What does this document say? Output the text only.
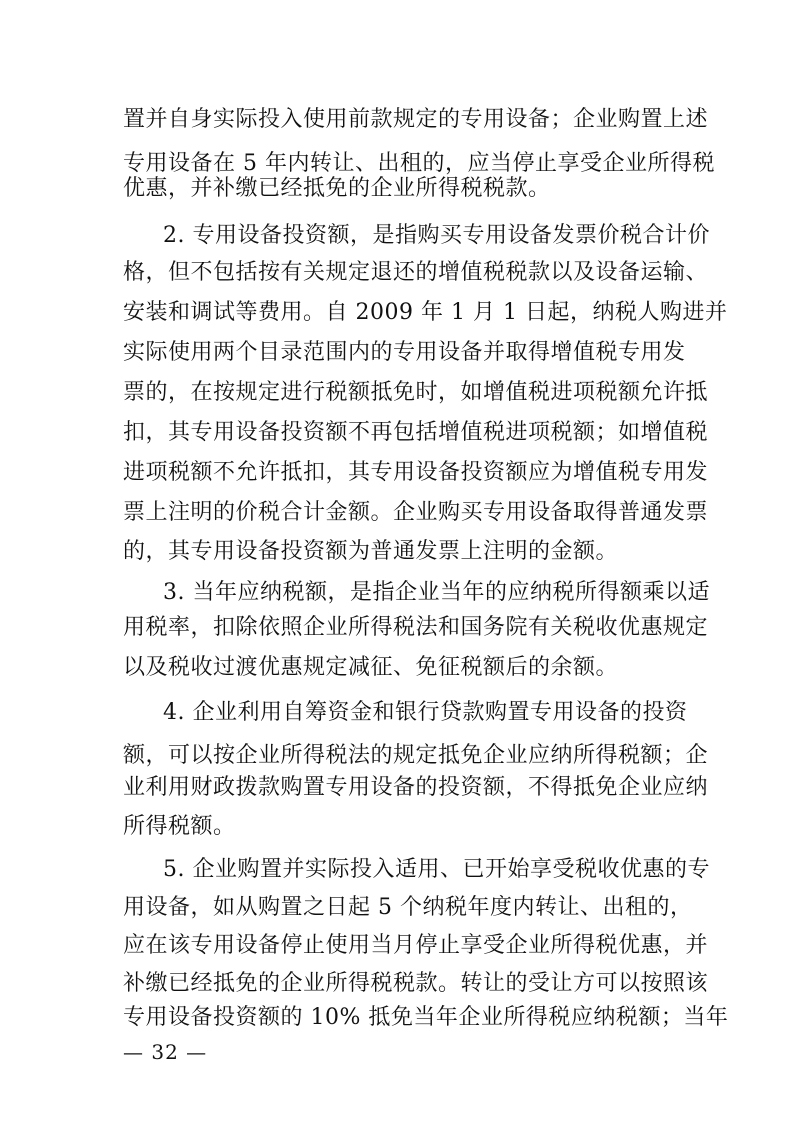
置并自身实际投入使用前款规定的专用设备；企业购置上述
专用设备在 5 年内转让、出租的，应当停止享受企业所得税
优惠，并补缴已经抵免的企业所得税税款。
2. 专用设备投资额，是指购买专用设备发票价税合计价
格，但不包括按有关规定退还的增值税税款以及设备运输、
安装和调试等费用。自 2009 年 1 月 1 日起，纳税人购进并
实际使用两个目录范围内的专用设备并取得增值税专用发
票的，在按规定进行税额抵免时，如增值税进项税额允许抵
扣，其专用设备投资额不再包括增值税进项税额；如增值税
进项税额不允许抵扣，其专用设备投资额应为增值税专用发
票上注明的价税合计金额。企业购买专用设备取得普通发票
的，其专用设备投资额为普通发票上注明的金额。
3. 当年应纳税额，是指企业当年的应纳税所得额乘以适
用税率，扣除依照企业所得税法和国务院有关税收优惠规定
以及税收过渡优惠规定减征、免征税额后的余额。
4. 企业利用自筹资金和银行贷款购置专用设备的投资
额，可以按企业所得税法的规定抵免企业应纳所得税额；企
业利用财政拨款购置专用设备的投资额，不得抵免企业应纳
所得税额。
5. 企业购置并实际投入适用、已开始享受税收优惠的专
用设备，如从购置之日起 5 个纳税年度内转让、出租的，
应在该专用设备停止使用当月停止享受企业所得税优惠，并
补缴已经抵免的企业所得税税款。转让的受让方可以按照该
专用设备投资额的 10% 抵免当年企业所得税应纳税额；当年
— 32 —
